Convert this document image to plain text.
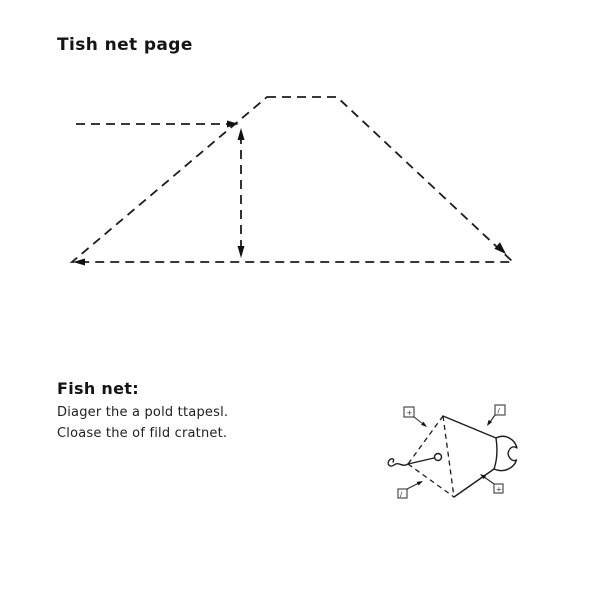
Tish net page
Fish net:
Diager the a pold ttapesl.
Cloase the of fild cratnet.
+	∕
∕
+
